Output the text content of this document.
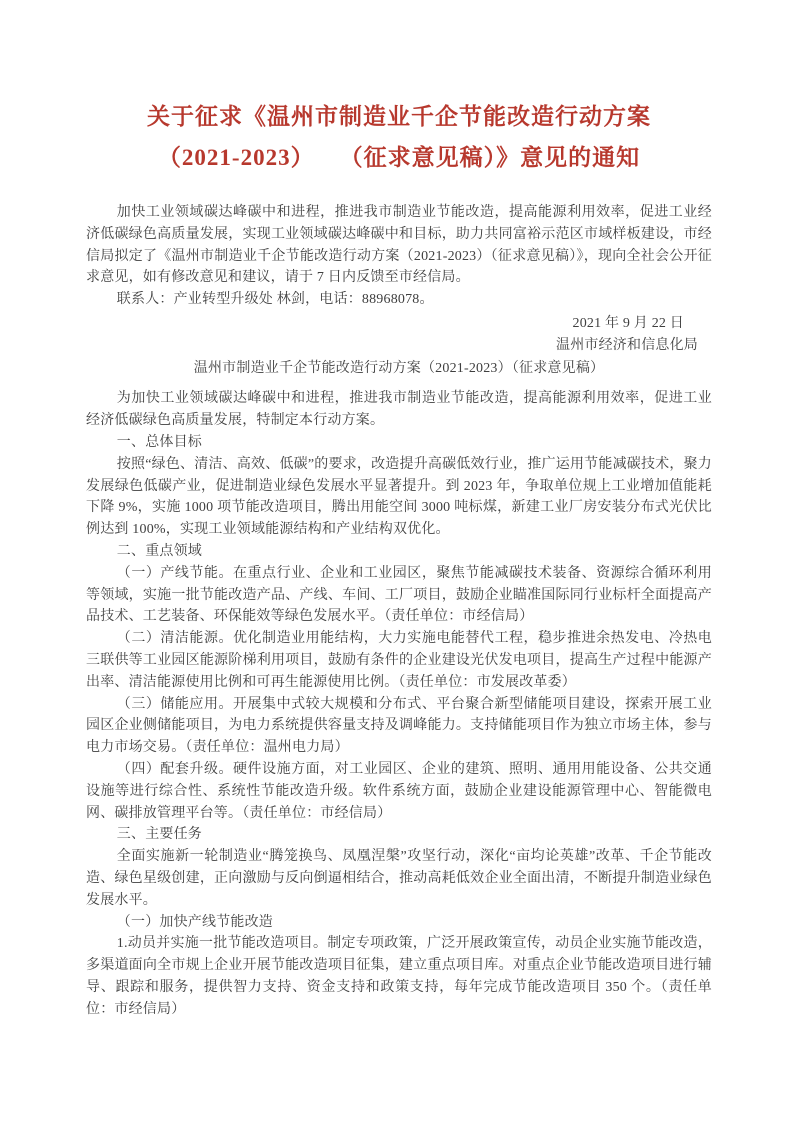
关于征求《温州市制造业千企节能改造行动方案
（2021-2023）　　（征求意见稿）》意见的通知

加快工业领域碳达峰碳中和进程，推进我市制造业节能改造，提高能源利用效率，促进工业经济低碳绿色高质量发展，实现工业领域碳达峰碳中和目标，助力共同富裕示范区市域样板建设，市经信局拟定了《温州市制造业千企节能改造行动方案（2021-2023）（征求意见稿）》，现向全社会公开征求意见，如有修改意见和建议，请于 7 日内反馈至市经信局。

联系人：产业转型升级处 林剑，电话：88968078。

2021 年 9 月 22 日

温州市经济和信息化局

温州市制造业千企节能改造行动方案（2021-2023）（征求意见稿）

为加快工业领域碳达峰碳中和进程，推进我市制造业节能改造，提高能源利用效率，促进工业经济低碳绿色高质量发展，特制定本行动方案。

一、总体目标

按照“绿色、清洁、高效、低碳”的要求，改造提升高碳低效行业，推广运用节能减碳技术，聚力发展绿色低碳产业，促进制造业绿色发展水平显著提升。到 2023 年，争取单位规上工业增加值能耗下降 9%，实施 1000 项节能改造项目，腾出用能空间 3000 吨标煤，新建工业厂房安装分布式光伏比例达到 100%，实现工业领域能源结构和产业结构双优化。

二、重点领域

（一）产线节能。在重点行业、企业和工业园区，聚焦节能减碳技术装备、资源综合循环利用等领域，实施一批节能改造产品、产线、车间、工厂项目，鼓励企业瞄准国际同行业标杆全面提高产品技术、工艺装备、环保能效等绿色发展水平。（责任单位：市经信局）

（二）清洁能源。优化制造业用能结构，大力实施电能替代工程，稳步推进余热发电、冷热电三联供等工业园区能源阶梯利用项目，鼓励有条件的企业建设光伏发电项目，提高生产过程中能源产出率、清洁能源使用比例和可再生能源使用比例。（责任单位：市发展改革委）

（三）储能应用。开展集中式较大规模和分布式、平台聚合新型储能项目建设，探索开展工业园区企业侧储能项目，为电力系统提供容量支持及调峰能力。支持储能项目作为独立市场主体，参与电力市场交易。（责任单位：温州电力局）

（四）配套升级。硬件设施方面，对工业园区、企业的建筑、照明、通用用能设备、公共交通设施等进行综合性、系统性节能改造升级。软件系统方面，鼓励企业建设能源管理中心、智能微电网、碳排放管理平台等。（责任单位：市经信局）

三、主要任务

全面实施新一轮制造业“腾笼换鸟、凤凰涅槃”攻坚行动，深化“亩均论英雄”改革、千企节能改造、绿色星级创建，正向激励与反向倒逼相结合，推动高耗低效企业全面出清，不断提升制造业绿色发展水平。

（一）加快产线节能改造

1.动员并实施一批节能改造项目。制定专项政策，广泛开展政策宣传，动员企业实施节能改造，多渠道面向全市规上企业开展节能改造项目征集，建立重点项目库。对重点企业节能改造项目进行辅导、跟踪和服务，提供智力支持、资金支持和政策支持，每年完成节能改造项目 350 个。（责任单位：市经信局）
